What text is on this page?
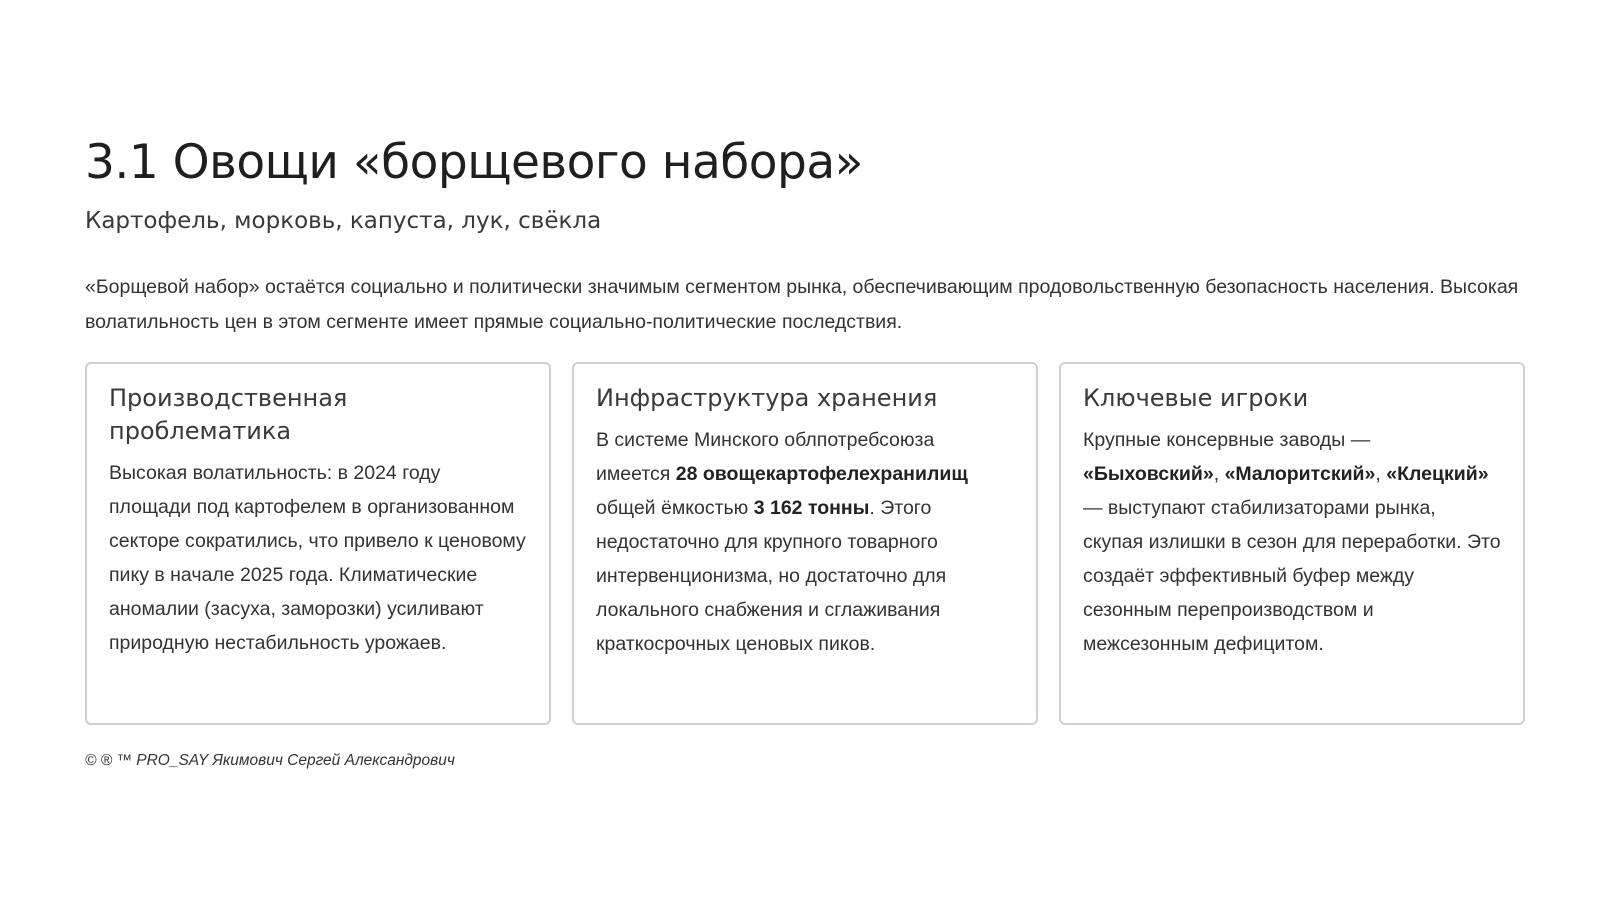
3.1 Овощи «борщевого набора»
Картофель, морковь, капуста, лук, свёкла

«Борщевой набор» остаётся социально и политически значимым сегментом рынка, обеспечивающим продовольственную безопасность населения. Высокая волатильность цен в этом сегменте имеет прямые социально-политические последствия.

Производственная проблематика

Высокая волатильность: в 2024 году площади под картофелем в организованном секторе сократились, что привело к ценовому пику в начале 2025 года. Климатические аномалии (засуха, заморозки) усиливают природную нестабильность урожаев.

Инфраструктура хранения

В системе Минского облпотребсоюза имеется 28 овощекартофелехранилищ общей ёмкостью 3 162 тонны. Этого недостаточно для крупного товарного интервенционизма, но достаточно для локального снабжения и сглаживания краткосрочных ценовых пиков.

Ключевые игроки

Крупные консервные заводы — «Быховский», «Малоритский», «Клецкий» — выступают стабилизаторами рынка, скупая излишки в сезон для переработки. Это создаёт эффективный буфер между сезонным перепроизводством и межсезонным дефицитом.

© ® ™ PRO_SAY Якимович Сергей Александрович
